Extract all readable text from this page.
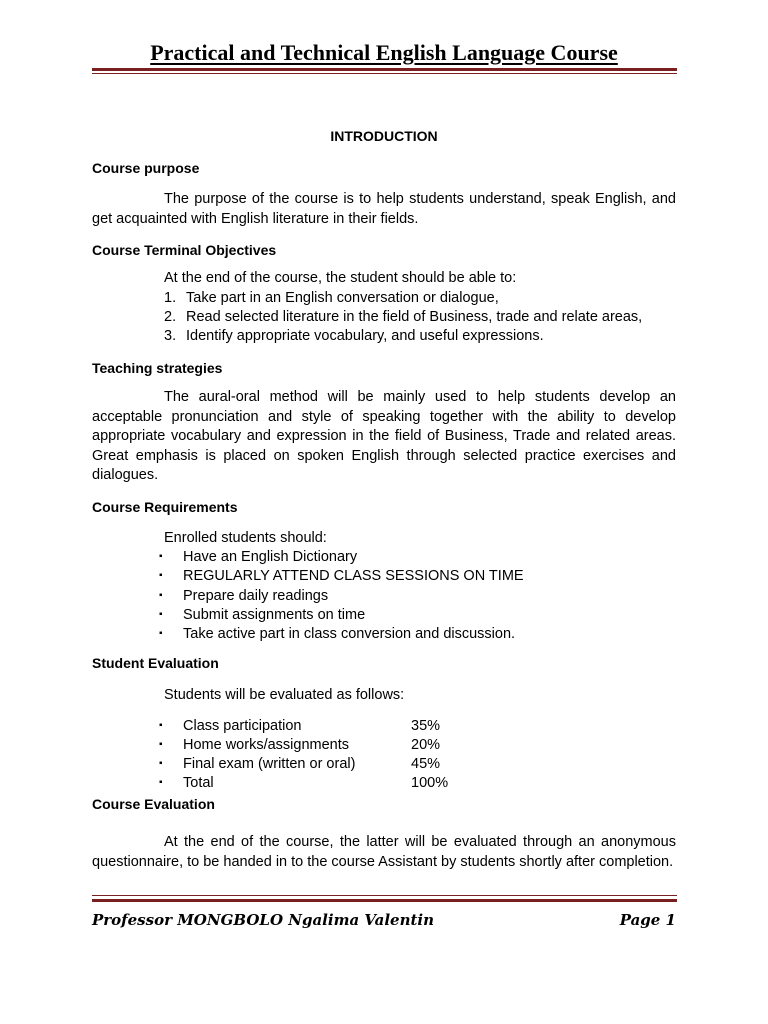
Practical and Technical English Language Course
INTRODUCTION
Course purpose
The purpose of the course is to help students understand, speak English, and get acquainted with English literature in their fields.
Course Terminal Objectives
At the end of the course, the student should be able to:
1. Take part in an English conversation or dialogue,
2. Read selected literature in the field of Business, trade and relate areas,
3. Identify appropriate vocabulary, and useful expressions.
Teaching strategies
The aural-oral method will be mainly used to help students develop an acceptable pronunciation and style of speaking together with the ability to develop appropriate vocabulary and expression in the field of Business, Trade and related areas. Great emphasis is placed on spoken English through selected practice exercises and dialogues.
Course Requirements
Enrolled students should:
▪ Have an English Dictionary
▪ REGULARLY ATTEND CLASS SESSIONS ON TIME
▪ Prepare daily readings
▪ Submit assignments on time
▪ Take active part in class conversion and discussion.
Student Evaluation
Students will be evaluated as follows:
▪ Class participation	35%
▪ Home works/assignments	20%
▪ Final exam (written or oral)	45%
▪ Total	100%
Course Evaluation
At the end of the course, the latter will be evaluated through an anonymous questionnaire, to be handed in to the course Assistant by students shortly after completion.
Professor MONGBOLO Ngalima Valentin	Page 1
